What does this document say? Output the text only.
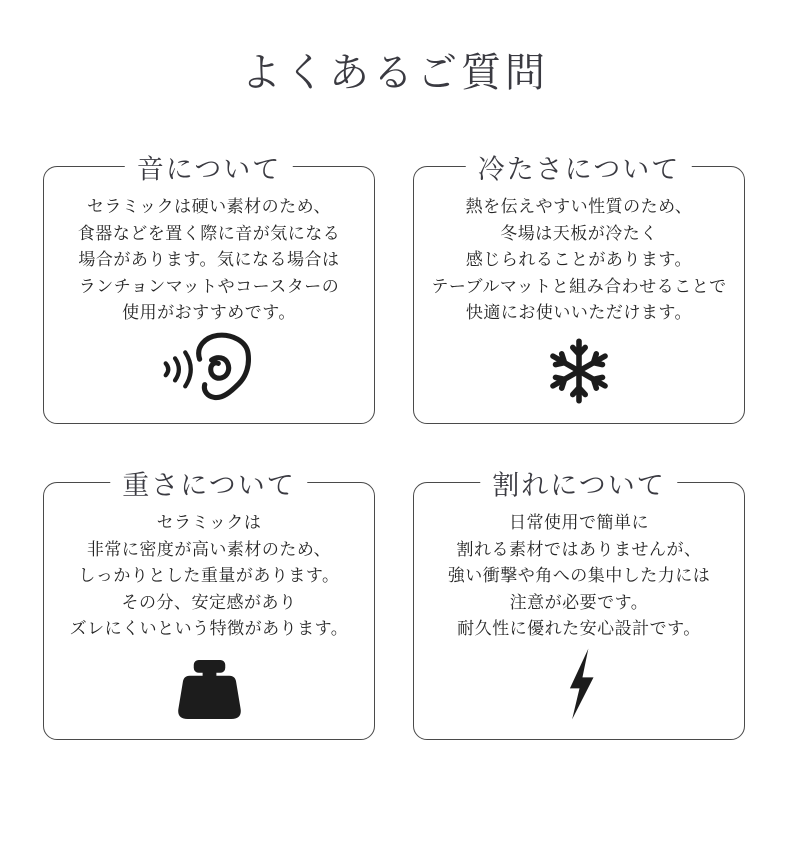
よくあるご質問
音について
セラミックは硬い素材のため、
食器などを置く際に音が気になる
場合があります。気になる場合は
ランチョンマットやコースターの
使用がおすすめです。
冷たさについて
熱を伝えやすい性質のため、
冬場は天板が冷たく
感じられることがあります。
テーブルマットと組み合わせることで
快適にお使いいただけます。
重さについて
セラミックは
非常に密度が高い素材のため、
しっかりとした重量があります。
その分、安定感があり
ズレにくいという特徴があります。
割れについて
日常使用で簡単に
割れる素材ではありませんが、
強い衝撃や角への集中した力には
注意が必要です。
耐久性に優れた安心設計です。
